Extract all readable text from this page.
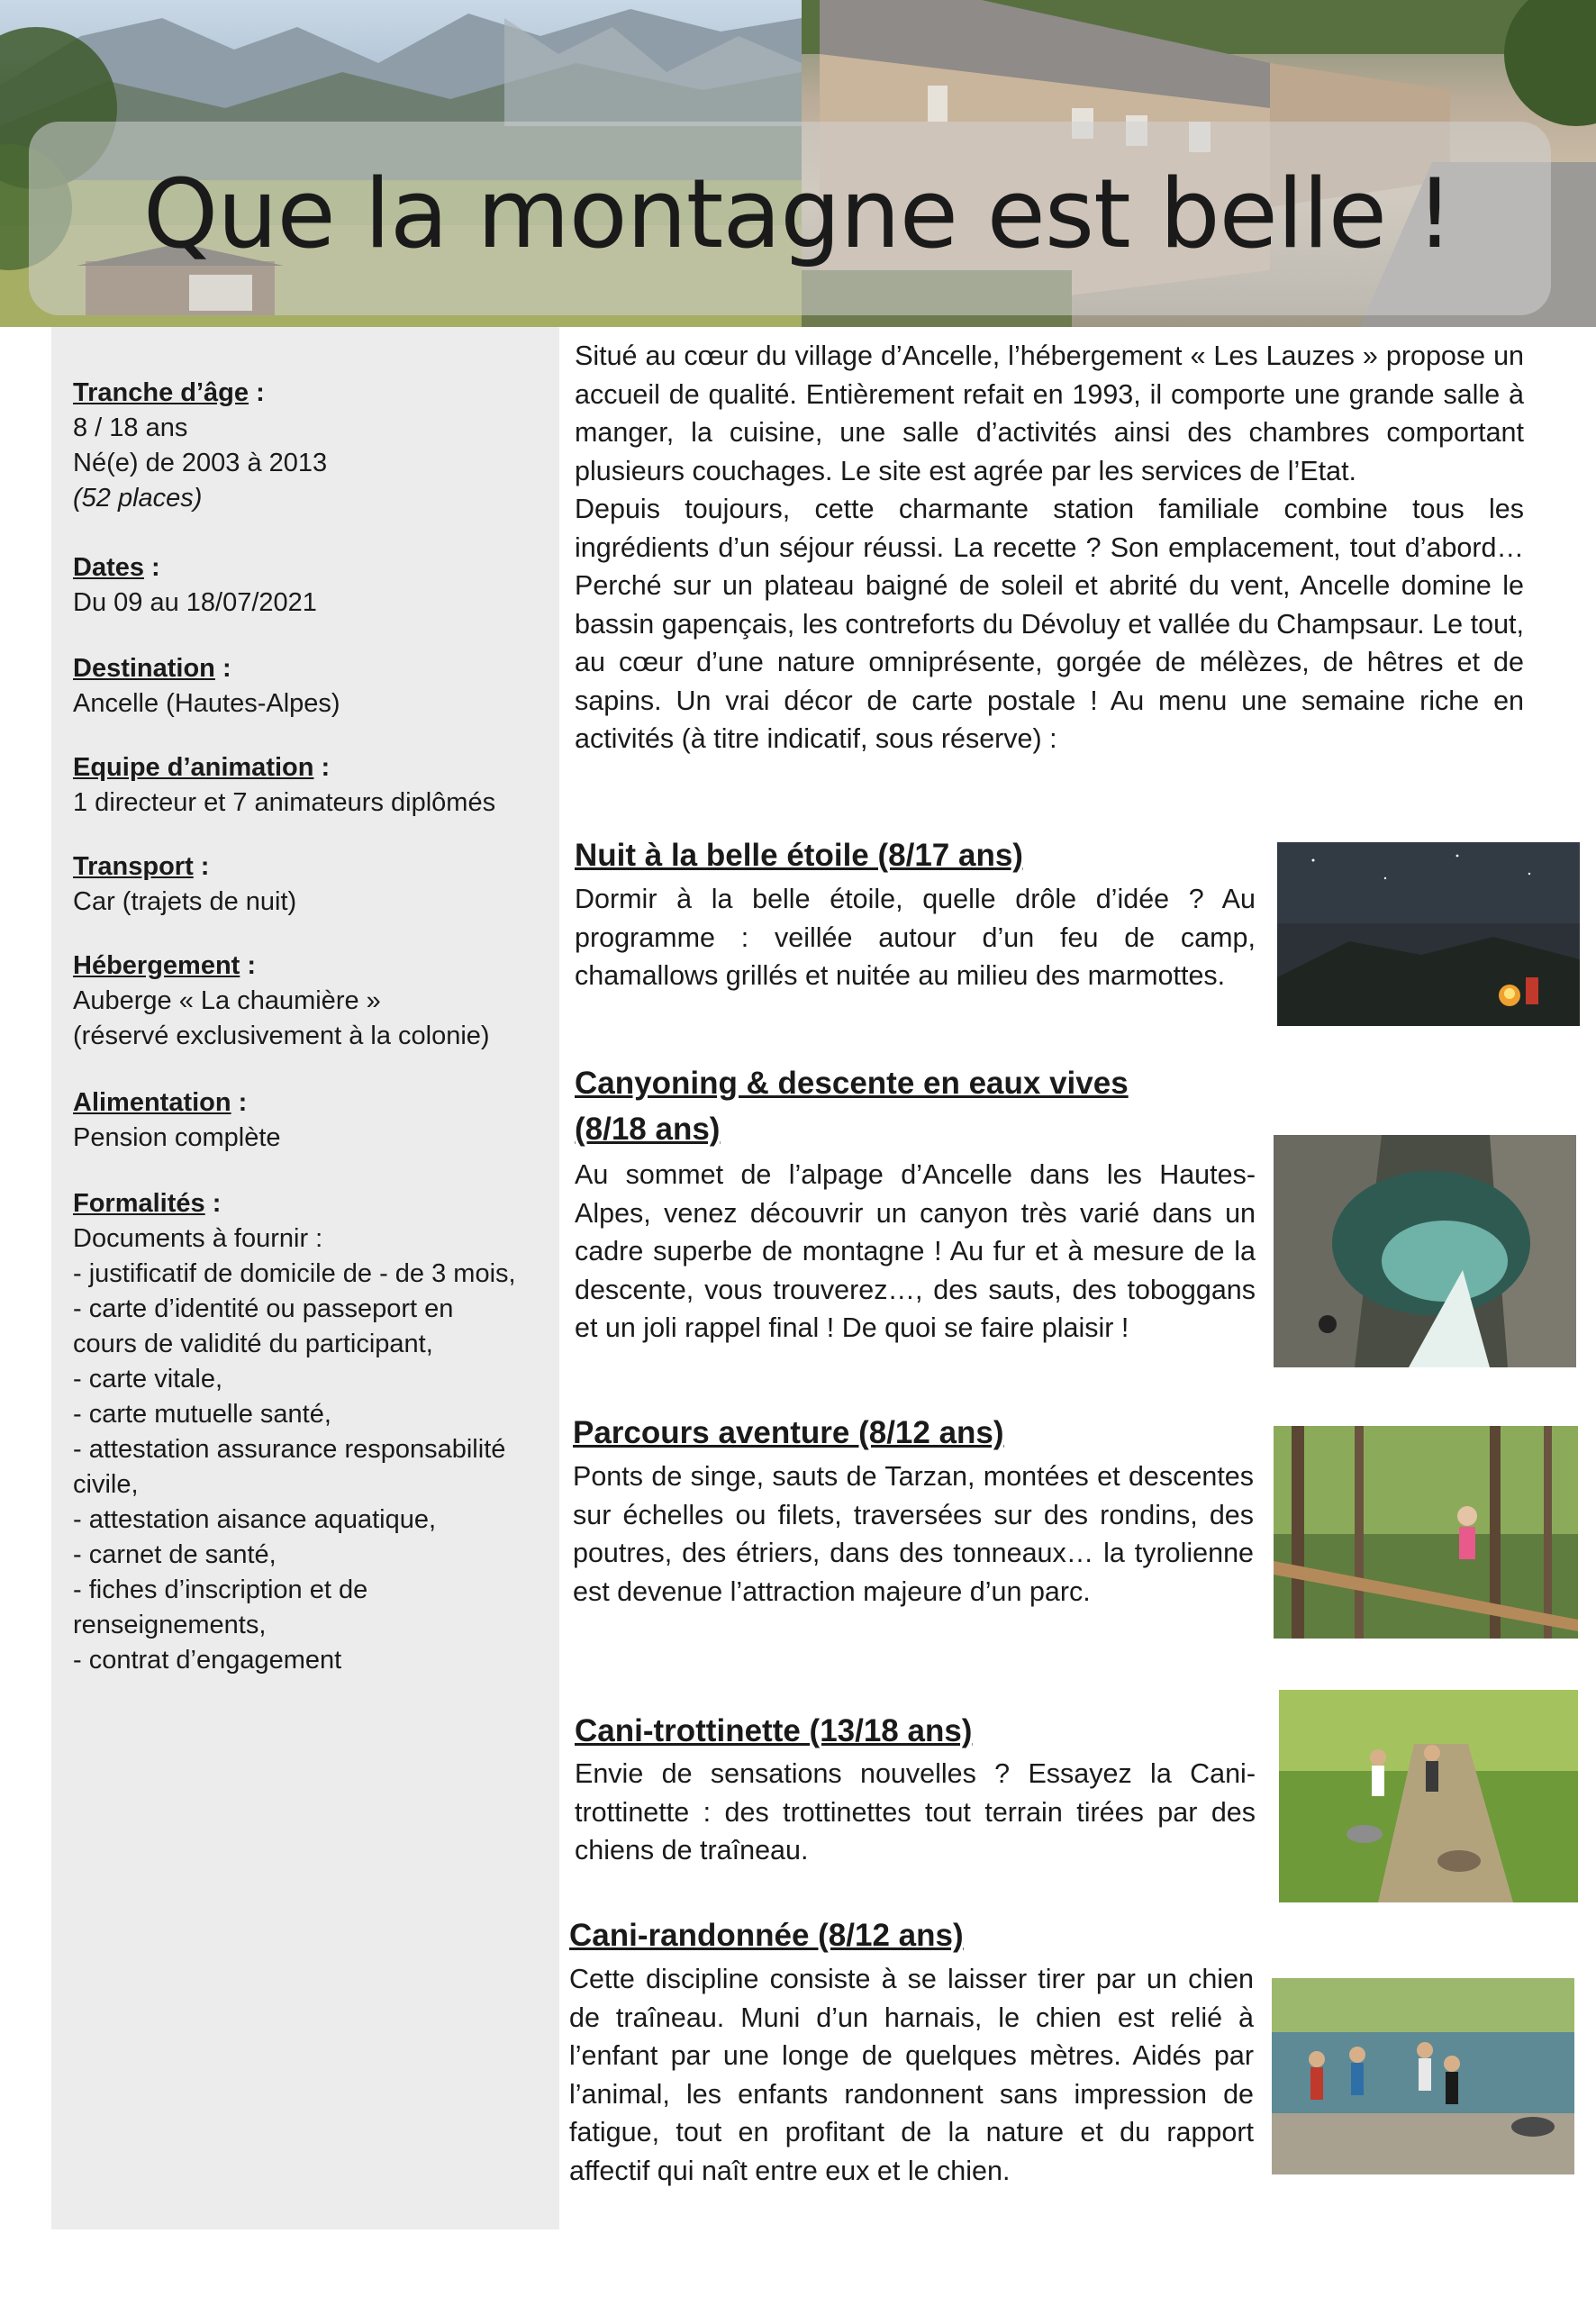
Que la montagne est belle !
Tranche d’âge :
8 / 18 ans
Né(e) de 2003 à 2013
(52 places)
Dates :
Du 09 au 18/07/2021
Destination :
Ancelle (Hautes-Alpes)
Equipe d’animation :
1 directeur et 7 animateurs diplômés
Transport :
Car (trajets de nuit)
Hébergement :
Auberge « La chaumière »
(réservé exclusivement à la colonie)
Alimentation :
Pension complète
Formalités :
Documents à fournir :
- justificatif de domicile de - de 3 mois,
- carte d’identité ou passeport en
cours de validité du participant,
- carte vitale,
- carte mutuelle santé,
- attestation assurance responsabilité
civile,
- attestation aisance aquatique,
- carnet de santé,
- fiches d’inscription et de
renseignements,
- contrat d’engagement

Situé au cœur du village d’Ancelle, l’hébergement « Les Lauzes » propose un accueil de qualité. Entièrement refait en 1993, il comporte une grande salle à manger, la cuisine, une salle d’activités ainsi des chambres comportant plusieurs couchages. Le site est agrée par les services de l’Etat.

Depuis toujours, cette charmante station familiale combine tous les ingrédients d’un séjour réussi. La recette ? Son emplacement, tout d’abord… Perché sur un plateau baigné de soleil et abrité du vent, Ancelle domine le bassin gapençais, les contreforts du Dévoluy et vallée du Champsaur. Le tout, au cœur d’une nature omniprésente, gorgée de mélèzes, de hêtres et de sapins. Un vrai décor de carte postale ! Au menu une semaine riche en activités (à titre indicatif, sous réserve) :

Nuit à la belle étoile (8/17 ans)
Dormir à la belle étoile, quelle drôle d’idée ? Au programme : veillée autour d’un feu de camp, chamallows grillés et nuitée au milieu des marmottes.
Canyoning & descente en eaux vives
(8/18 ans)
Au sommet de l’alpage d’Ancelle dans les Hautes-Alpes, venez découvrir un canyon très varié dans un cadre superbe de montagne ! Au fur et à mesure de la descente, vous trouverez…, des sauts, des toboggans et un joli rappel final ! De quoi se faire plaisir !
Parcours aventure (8/12 ans)
Ponts de singe, sauts de Tarzan, montées et descentes sur échelles ou filets, traversées sur des rondins, des poutres, des étriers, dans des tonneaux… la tyrolienne est devenue l’attraction majeure d’un parc.
Cani-trottinette (13/18 ans)
Envie de sensations nouvelles ? Essayez la Cani-trottinette : des trottinettes tout terrain tirées par des chiens de traîneau.
Cani-randonnée (8/12 ans)
Cette discipline consiste à se laisser tirer par un chien de traîneau. Muni d’un harnais, le chien est relié à l’enfant par une longe de quelques mètres. Aidés par l’animal, les enfants randonnent sans impression de fatigue, tout en profitant de la nature et du rapport affectif qui naît entre eux et le chien.
